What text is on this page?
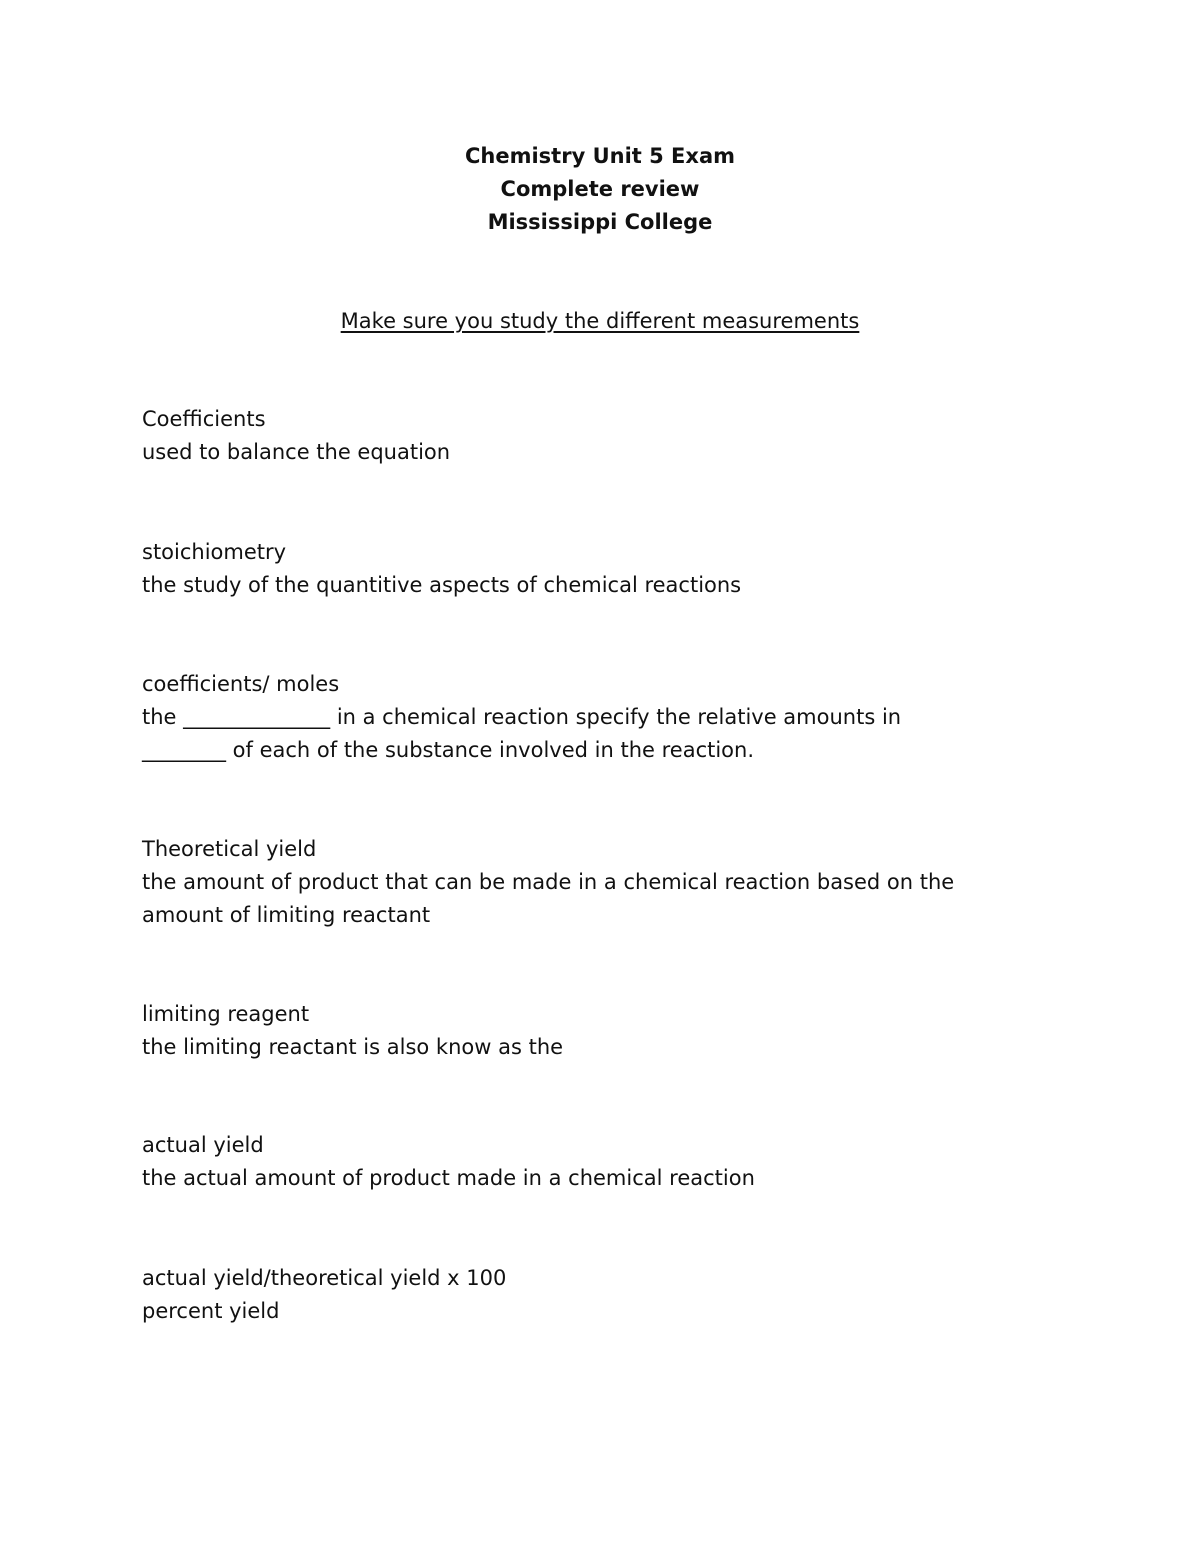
Chemistry Unit 5 Exam
Complete review
Mississippi College
Make sure you study the different measurements
Coefficients
used to balance the equation
stoichiometry
the study of the quantitive aspects of chemical reactions
coefficients/ moles
the ______________ in a chemical reaction specify the relative amounts in
________ of each of the substance involved in the reaction.
Theoretical yield
the amount of product that can be made in a chemical reaction based on the
amount of limiting reactant
limiting reagent
the limiting reactant is also know as the
actual yield
the actual amount of product made in a chemical reaction
actual yield/theoretical yield x 100
percent yield
